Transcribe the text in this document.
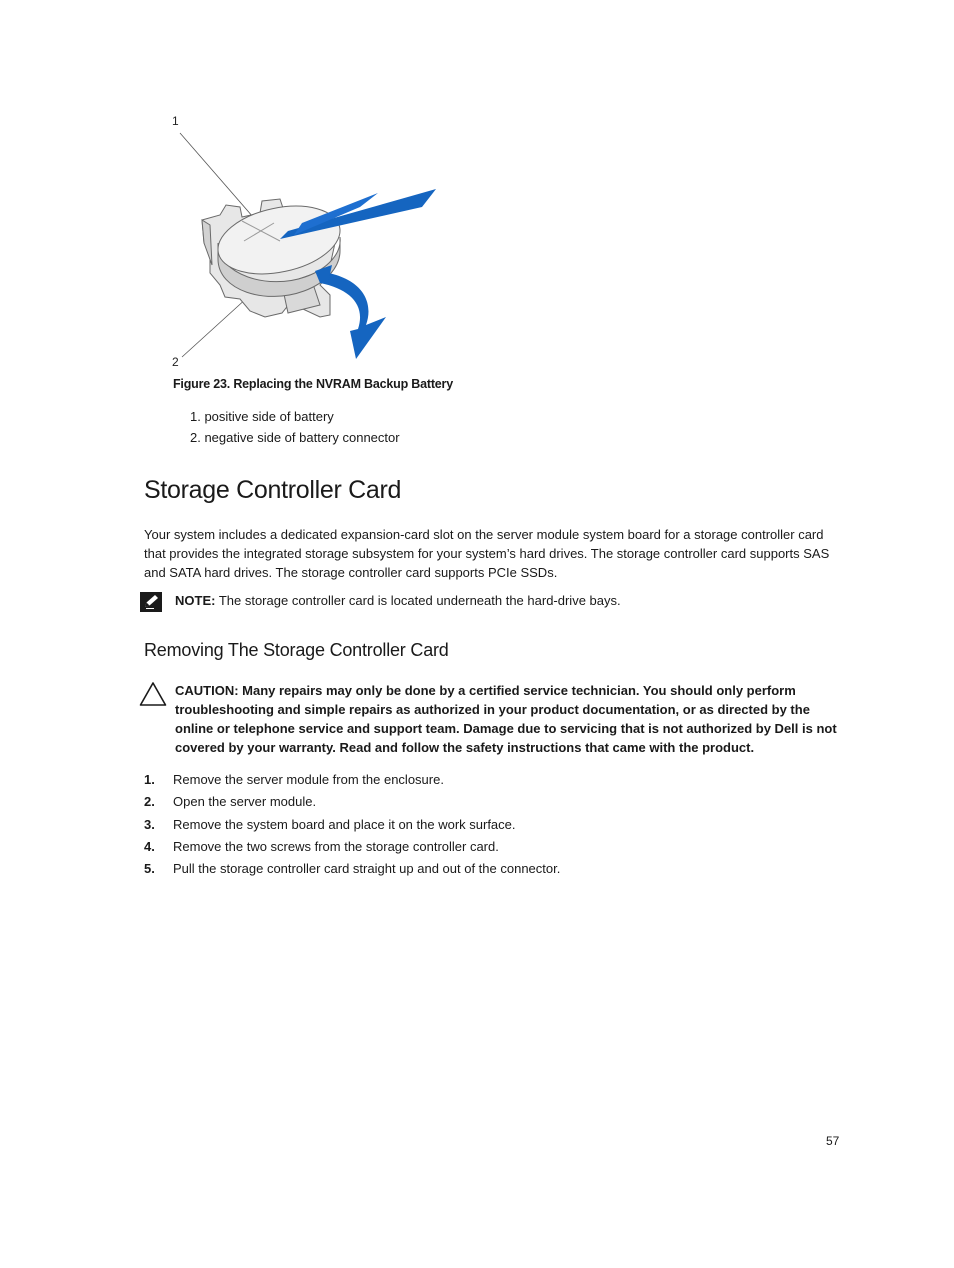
1
2
Figure 23. Replacing the NVRAM Backup Battery
1. positive side of battery
2. negative side of battery connector
Storage Controller Card

Your system includes a dedicated expansion-card slot on the server module system board for a storage controller card that provides the integrated storage subsystem for your system’s hard drives. The storage controller card supports SAS and SATA hard drives. The storage controller card supports PCIe SSDs.

NOTE: The storage controller card is located underneath the hard-drive bays.
Removing The Storage Controller Card

CAUTION: Many repairs may only be done by a certified service technician. You should only perform troubleshooting and simple repairs as authorized in your product documentation, or as directed by the online or telephone service and support team. Damage due to servicing that is not authorized by Dell is not covered by your warranty. Read and follow the safety instructions that came with the product.

1. Remove the server module from the enclosure.
2. Open the server module.
3. Remove the system board and place it on the work surface.
4. Remove the two screws from the storage controller card.
5. Pull the storage controller card straight up and out of the connector.
57
